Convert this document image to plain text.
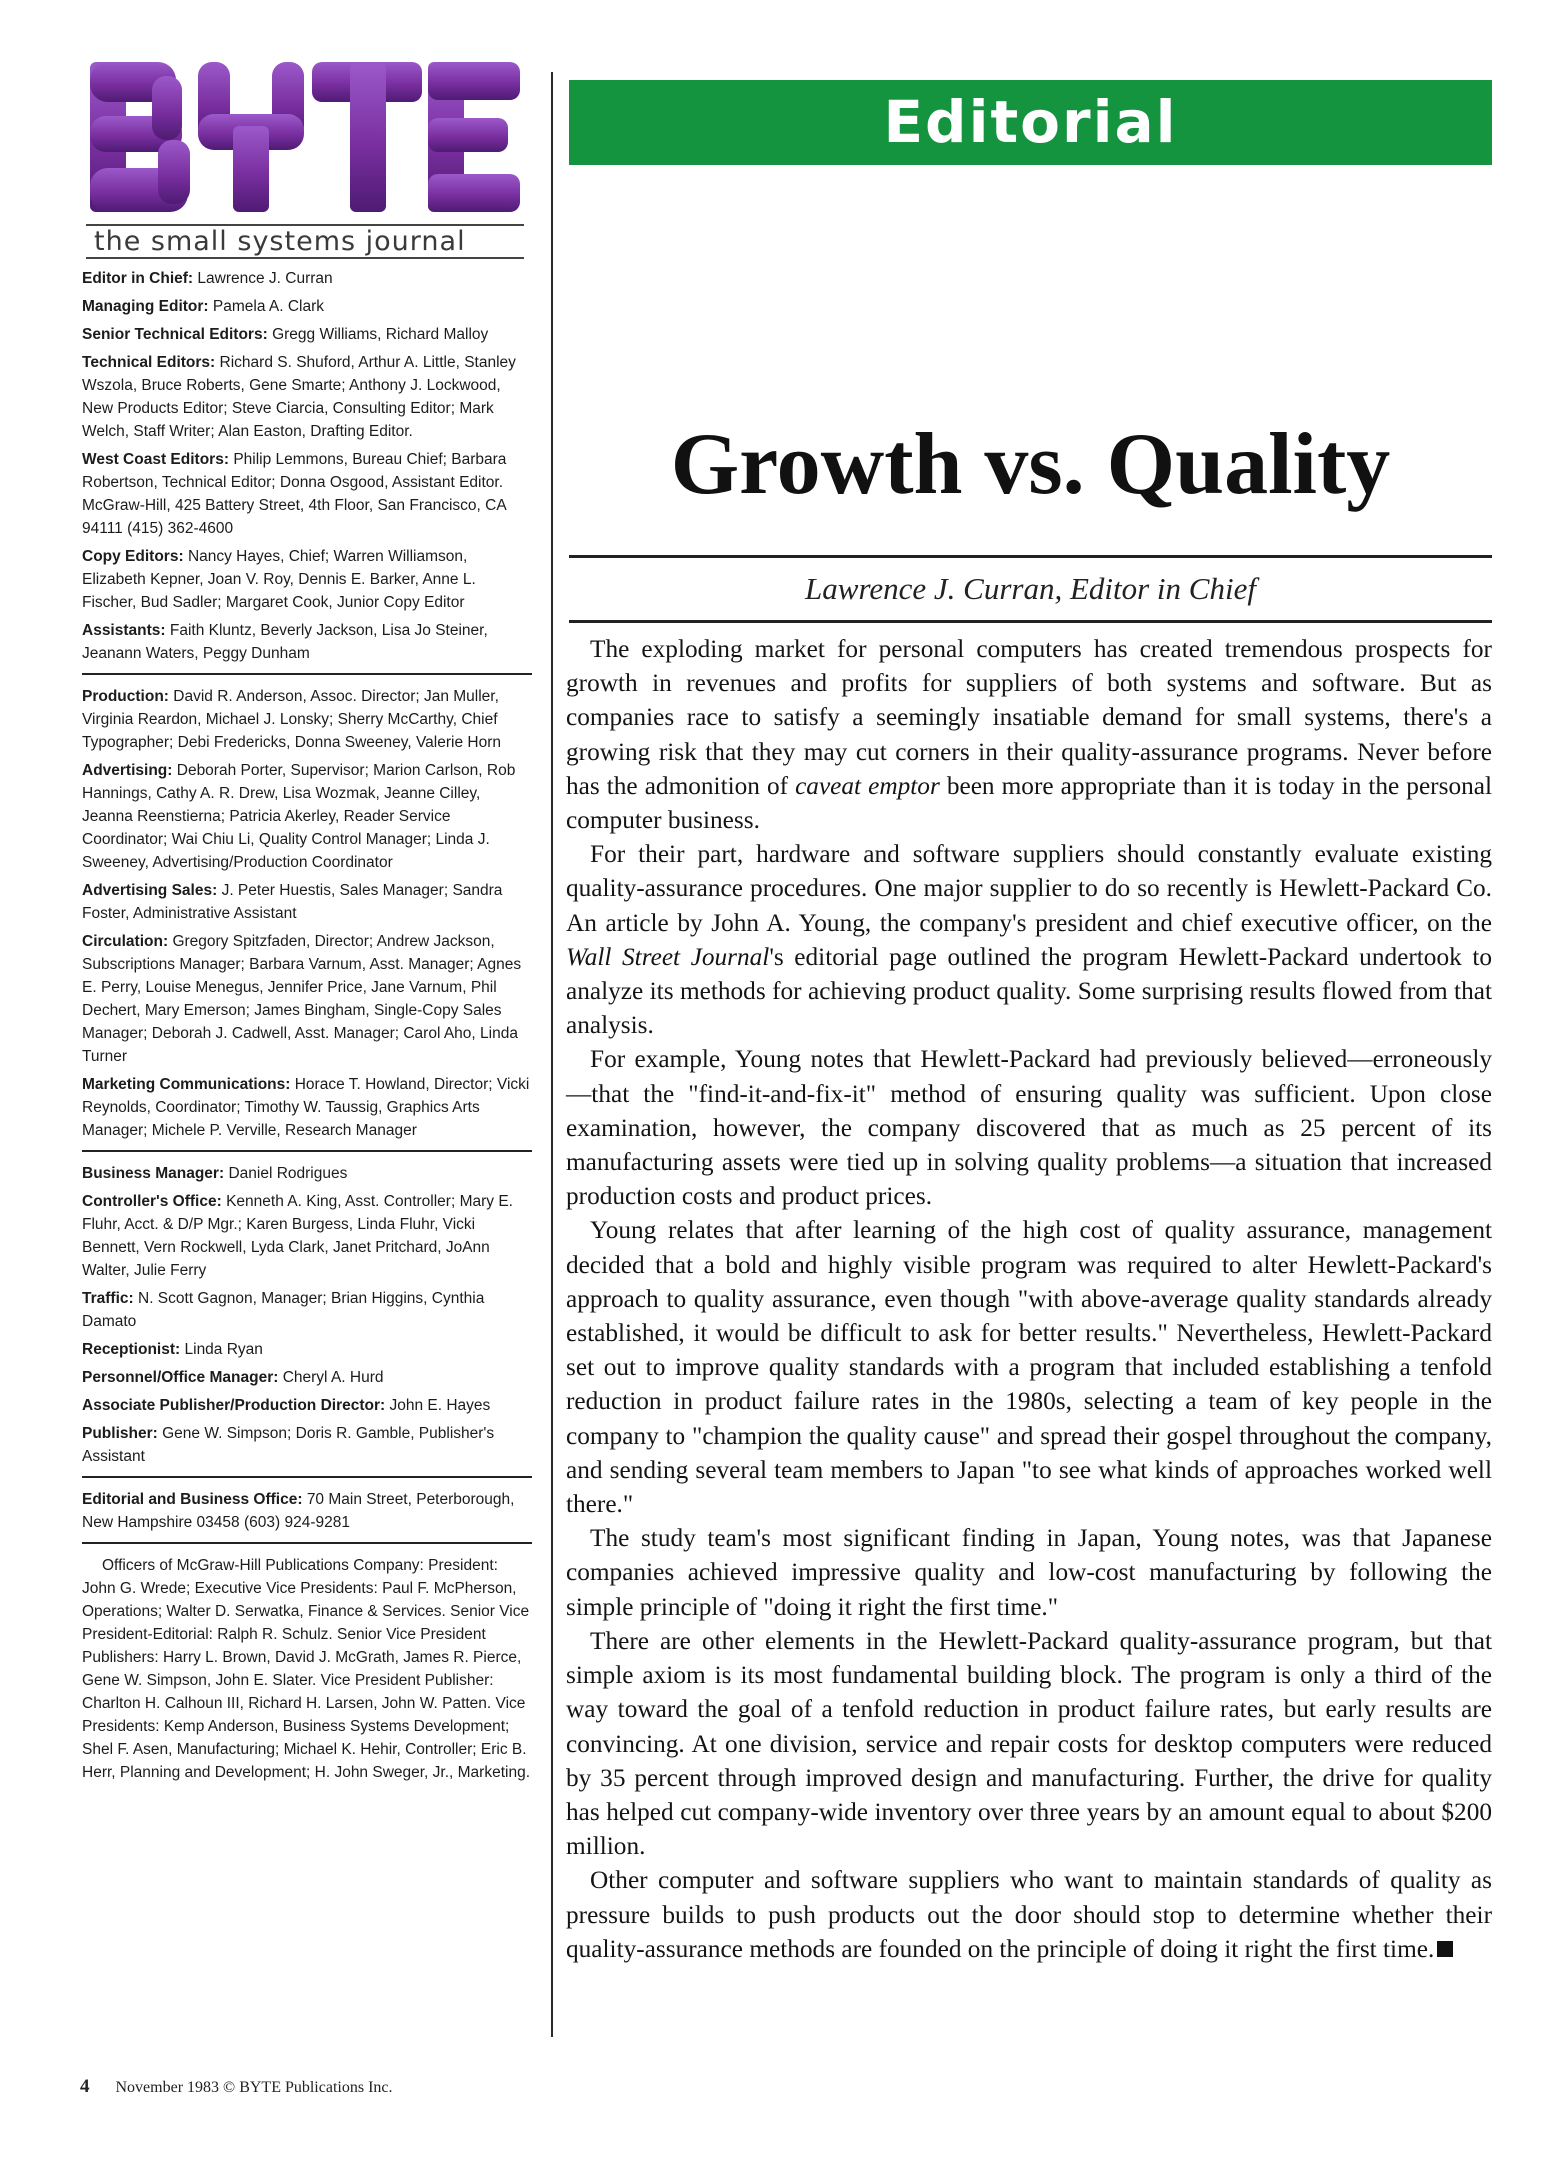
the small systems journal

Editor in Chief: Lawrence J. Curran

Managing Editor: Pamela A. Clark

Senior Technical Editors: Gregg Williams, Richard Malloy

Technical Editors: Richard S. Shuford, Arthur A. Little, Stanley Wszola, Bruce Roberts, Gene Smarte; Anthony J. Lockwood, New Products Editor; Steve Ciarcia, Consulting Editor; Mark Welch, Staff Writer; Alan Easton, Drafting Editor.

West Coast Editors: Philip Lemmons, Bureau Chief; Barbara Robertson, Technical Editor; Donna Osgood, Assistant Editor. McGraw-Hill, 425 Battery Street, 4th Floor, San Francisco, CA 94111 (415) 362-4600

Copy Editors: Nancy Hayes, Chief; Warren Williamson, Elizabeth Kepner, Joan V. Roy, Dennis E. Barker, Anne L. Fischer, Bud Sadler; Margaret Cook, Junior Copy Editor

Assistants: Faith Kluntz, Beverly Jackson, Lisa Jo Steiner, Jeanann Waters, Peggy Dunham

Production: David R. Anderson, Assoc. Director; Jan Muller, Virginia Reardon, Michael J. Lonsky; Sherry McCarthy, Chief Typographer; Debi Fredericks, Donna Sweeney, Valerie Horn

Advertising: Deborah Porter, Supervisor; Marion Carlson, Rob Hannings, Cathy A. R. Drew, Lisa Wozmak, Jeanne Cilley, Jeanna Reenstierna; Patricia Akerley, Reader Service Coordinator; Wai Chiu Li, Quality Control Manager; Linda J. Sweeney, Advertising/Production Coordinator

Advertising Sales: J. Peter Huestis, Sales Manager; Sandra Foster, Administrative Assistant

Circulation: Gregory Spitzfaden, Director; Andrew Jackson, Subscriptions Manager; Barbara Varnum, Asst. Manager; Agnes E. Perry, Louise Menegus, Jennifer Price, Jane Varnum, Phil Dechert, Mary Emerson; James Bingham, Single-Copy Sales Manager; Deborah J. Cadwell, Asst. Manager; Carol Aho, Linda Turner

Marketing Communications: Horace T. Howland, Director; Vicki Reynolds, Coordinator; Timothy W. Taussig, Graphics Arts Manager; Michele P. Verville, Research Manager

Business Manager: Daniel Rodrigues

Controller's Office: Kenneth A. King, Asst. Controller; Mary E. Fluhr, Acct. & D/P Mgr.; Karen Burgess, Linda Fluhr, Vicki Bennett, Vern Rockwell, Lyda Clark, Janet Pritchard, JoAnn Walter, Julie Ferry

Traffic: N. Scott Gagnon, Manager; Brian Higgins, Cynthia Damato

Receptionist: Linda Ryan

Personnel/Office Manager: Cheryl A. Hurd

Associate Publisher/Production Director: John E. Hayes

Publisher: Gene W. Simpson; Doris R. Gamble, Publisher's Assistant

Editorial and Business Office: 70 Main Street, Peterborough, New Hampshire 03458 (603) 924-9281

Officers of McGraw-Hill Publications Company: President: John G. Wrede; Executive Vice Presidents: Paul F. McPherson, Operations; Walter D. Serwatka, Finance & Services. Senior Vice President-Editorial: Ralph R. Schulz. Senior Vice President Publishers: Harry L. Brown, David J. McGrath, James R. Pierce, Gene W. Simpson, John E. Slater. Vice President Publisher: Charlton H. Calhoun III, Richard H. Larsen, John W. Patten. Vice Presidents: Kemp Anderson, Business Systems Development; Shel F. Asen, Manufacturing; Michael K. Hehir, Controller; Eric B. Herr, Planning and Development; H. John Sweger, Jr., Marketing.

Editorial
Growth vs. Quality
Lawrence J. Curran, Editor in Chief

The exploding market for personal computers has created tremendous prospects for growth in revenues and profits for suppliers of both systems and software. But as companies race to satisfy a seemingly insatiable demand for small systems, there's a growing risk that they may cut corners in their quality-assurance programs. Never before has the admonition of caveat emptor been more appropriate than it is today in the personal computer business.

For their part, hardware and software suppliers should constantly evaluate existing quality-assurance procedures. One major supplier to do so recently is Hewlett-Packard Co. An article by John A. Young, the company's president and chief executive officer, on the Wall Street Journal's editorial page outlined the program Hewlett-Packard undertook to analyze its methods for achieving product quality. Some surprising results flowed from that analysis.

For example, Young notes that Hewlett-Packard had previously believed—erroneously—that the "find-it-and-fix-it" method of ensuring quality was sufficient. Upon close examination, however, the company discovered that as much as 25 percent of its manufacturing assets were tied up in solving quality problems—a situation that increased production costs and product prices.

Young relates that after learning of the high cost of quality assurance, management decided that a bold and highly visible program was required to alter Hewlett-Packard's approach to quality assurance, even though "with above-average quality standards already established, it would be difficult to ask for better results." Nevertheless, Hewlett-Packard set out to improve quality standards with a program that included establishing a tenfold reduction in product failure rates in the 1980s, selecting a team of key people in the company to "champion the quality cause" and spread their gospel throughout the company, and sending several team members to Japan "to see what kinds of approaches worked well there."

The study team's most significant finding in Japan, Young notes, was that Japanese companies achieved impressive quality and low-cost manufacturing by following the simple principle of "doing it right the first time."

There are other elements in the Hewlett-Packard quality-assurance program, but that simple axiom is its most fundamental building block. The program is only a third of the way toward the goal of a tenfold reduction in product failure rates, but early results are convincing. At one division, service and repair costs for desktop computers were reduced by 35 percent through improved design and manufacturing. Further, the drive for quality has helped cut company-wide inventory over three years by an amount equal to about $200 million.

Other computer and software suppliers who want to maintain standards of quality as pressure builds to push products out the door should stop to determine whether their quality-assurance methods are founded on the principle of doing it right the first time.

4 November 1983 © BYTE Publications Inc.
